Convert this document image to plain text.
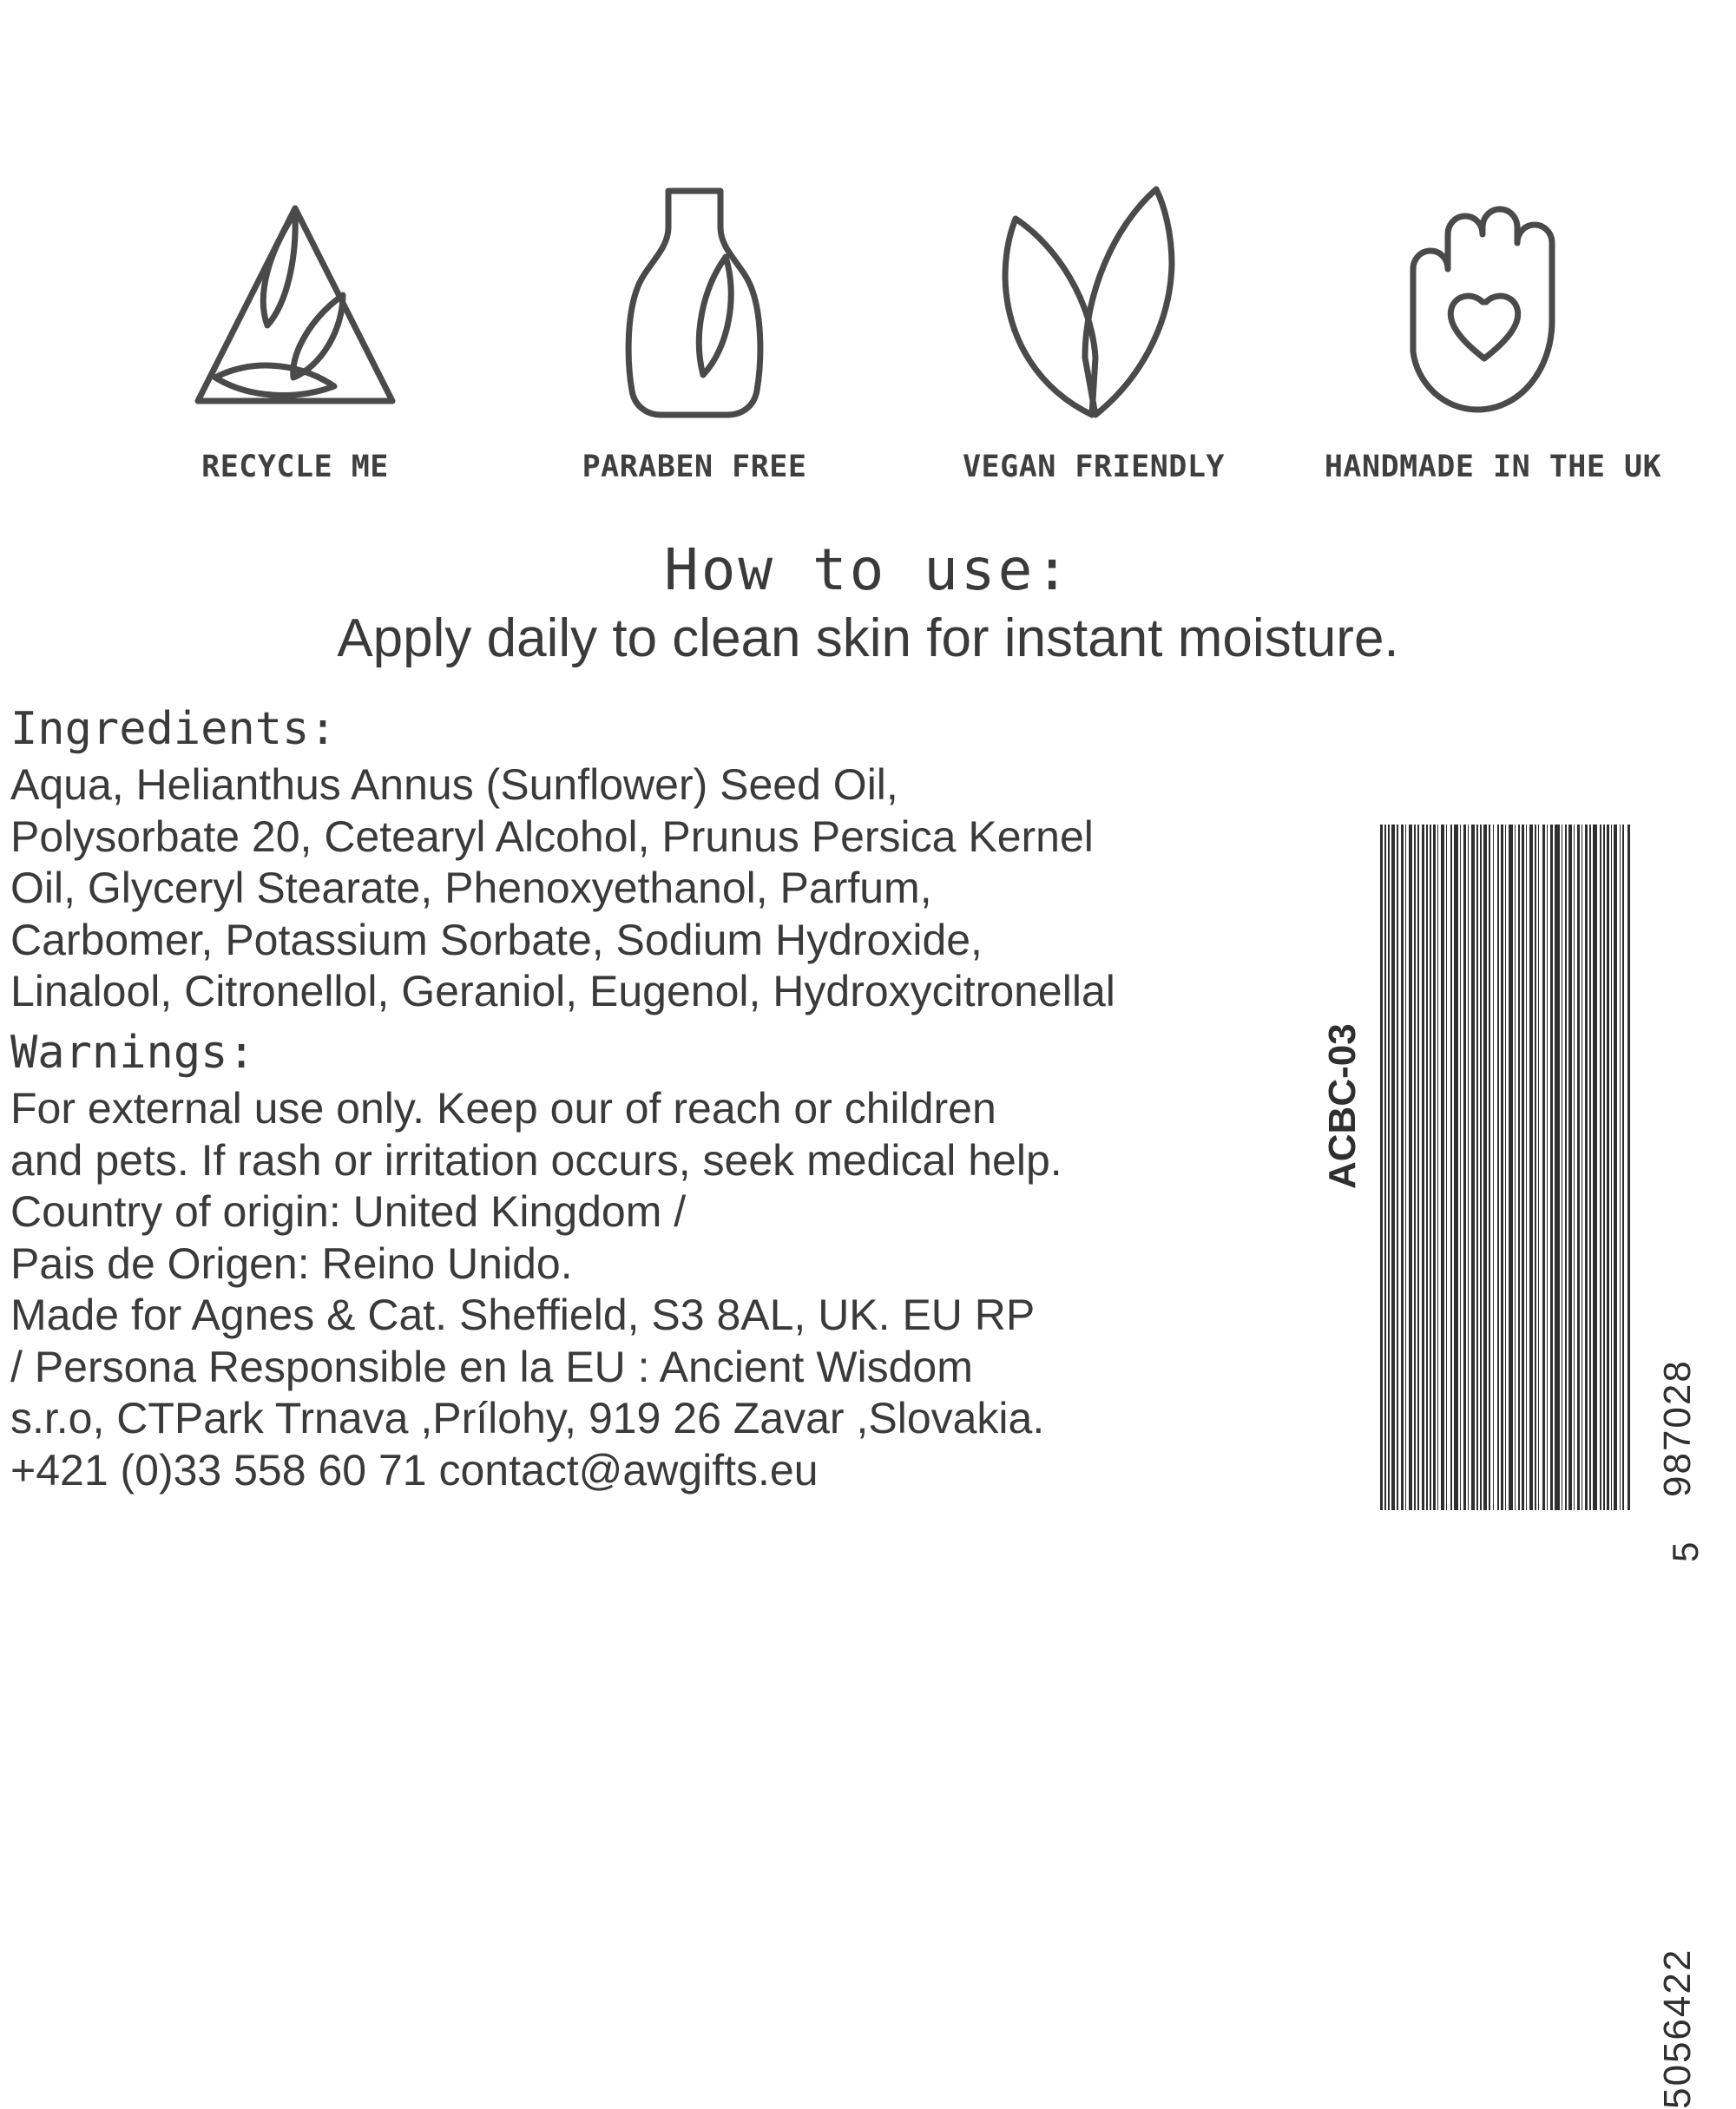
RECYCLE ME	PARABEN FREE	VEGAN FRIENDLY	HANDMADE IN THE UK
How to use:
Apply daily to clean skin for instant moisture.
Ingredients:
Aqua, Helianthus Annus (Sunflower) Seed Oil,
Polysorbate 20, Cetearyl Alcohol, Prunus Persica Kernel
Oil, Glyceryl Stearate, Phenoxyethanol, Parfum,
Carbomer, Potassium Sorbate, Sodium Hydroxide,
Linalool, Citronellol, Geraniol, Eugenol, Hydroxycitronellal
Warnings:
For external use only. Keep our of reach or children
and pets. If rash or irritation occurs, seek medical help.
Country of origin: United Kingdom /
Pais de Origen: Reino Unido.
Made for Agnes & Cat. Sheffield, S3 8AL, UK. EU RP
/ Persona Responsible en la EU : Ancient Wisdom
s.r.o, CTPark Trnava ,Prílohy, 919 26 Zavar ,Slovakia.
+421 (0)33 558 60 71 contact@awgifts.eu
ACBC-03
987028
5056422
5
